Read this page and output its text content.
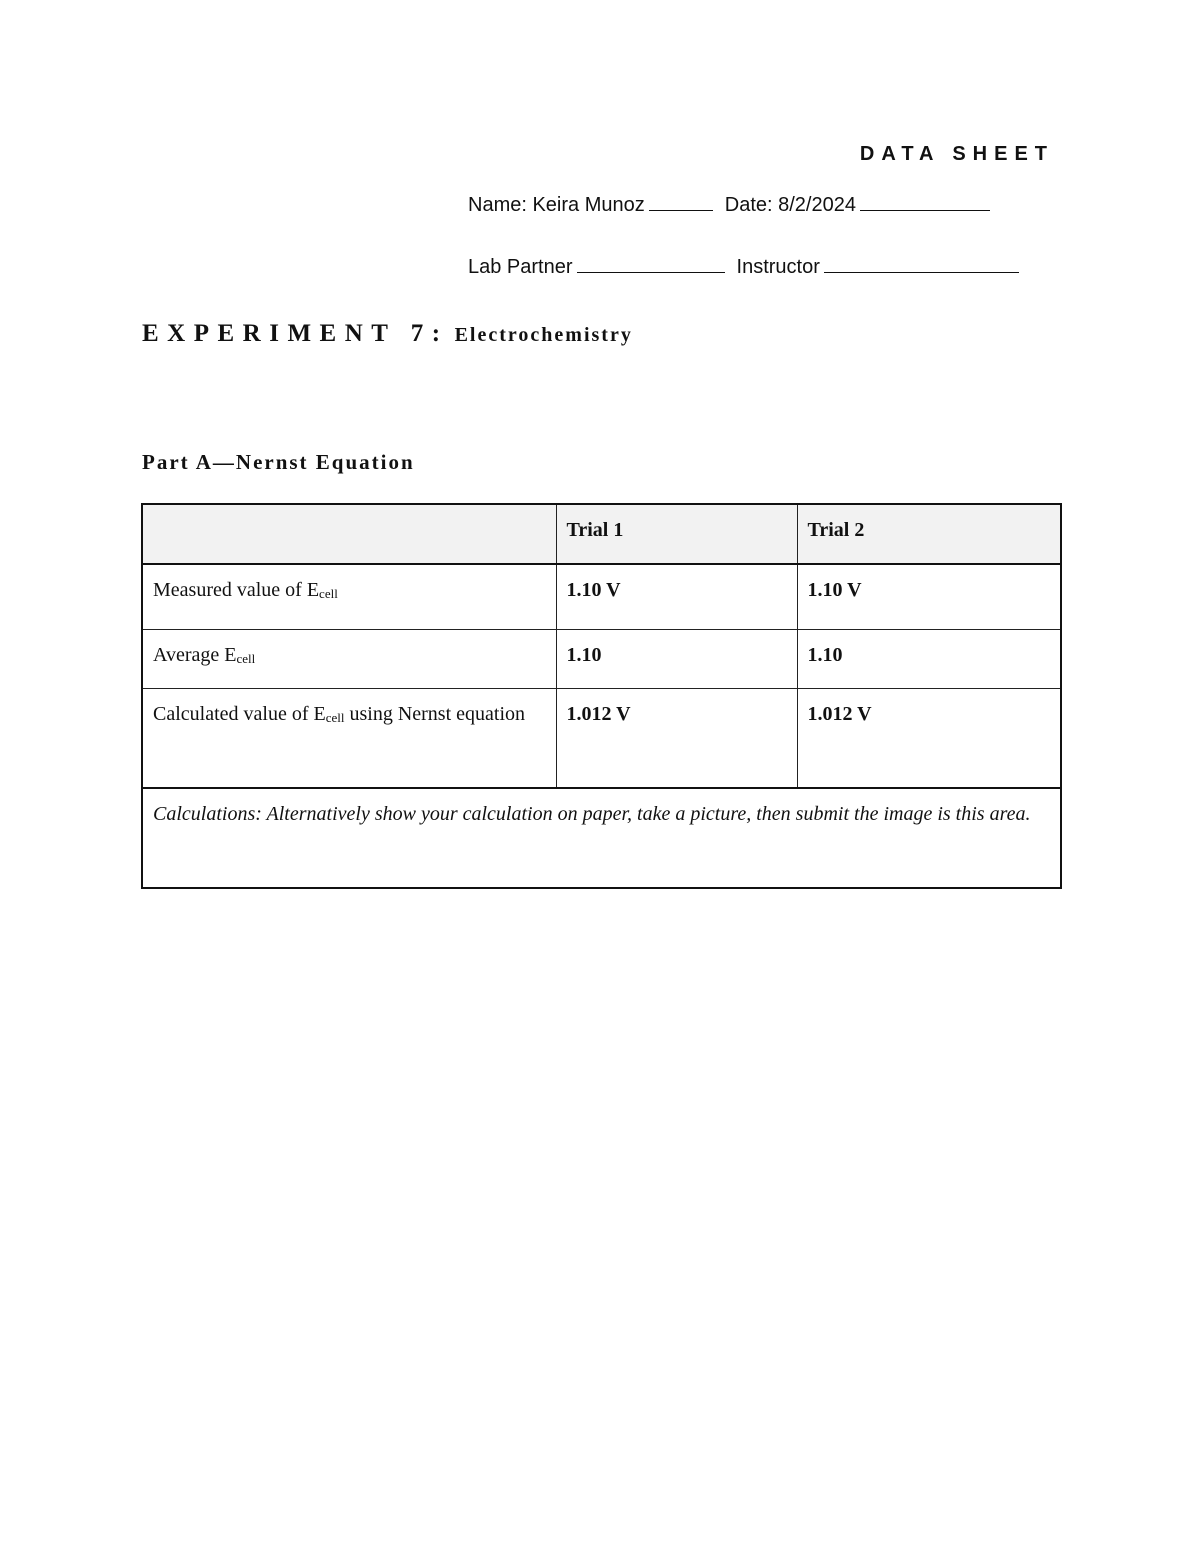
DATA SHEET
Name: Keira Munoz	Date: 8/2/2024
Lab Partner	Instructor
EXPERIMENT 7: Electrochemistry
Part A—Nernst Equation
	Trial 1	Trial 2
Measured value of $E_{cell}$	1.10 V	1.10 V
Average $E_{cell}$	1.10	1.10
Calculated value of $E_{cell}$ using Nernst equation	1.012 V	1.012 V
Calculations: Alternatively show your calculation on paper, take a picture, then submit the image is this area.		
